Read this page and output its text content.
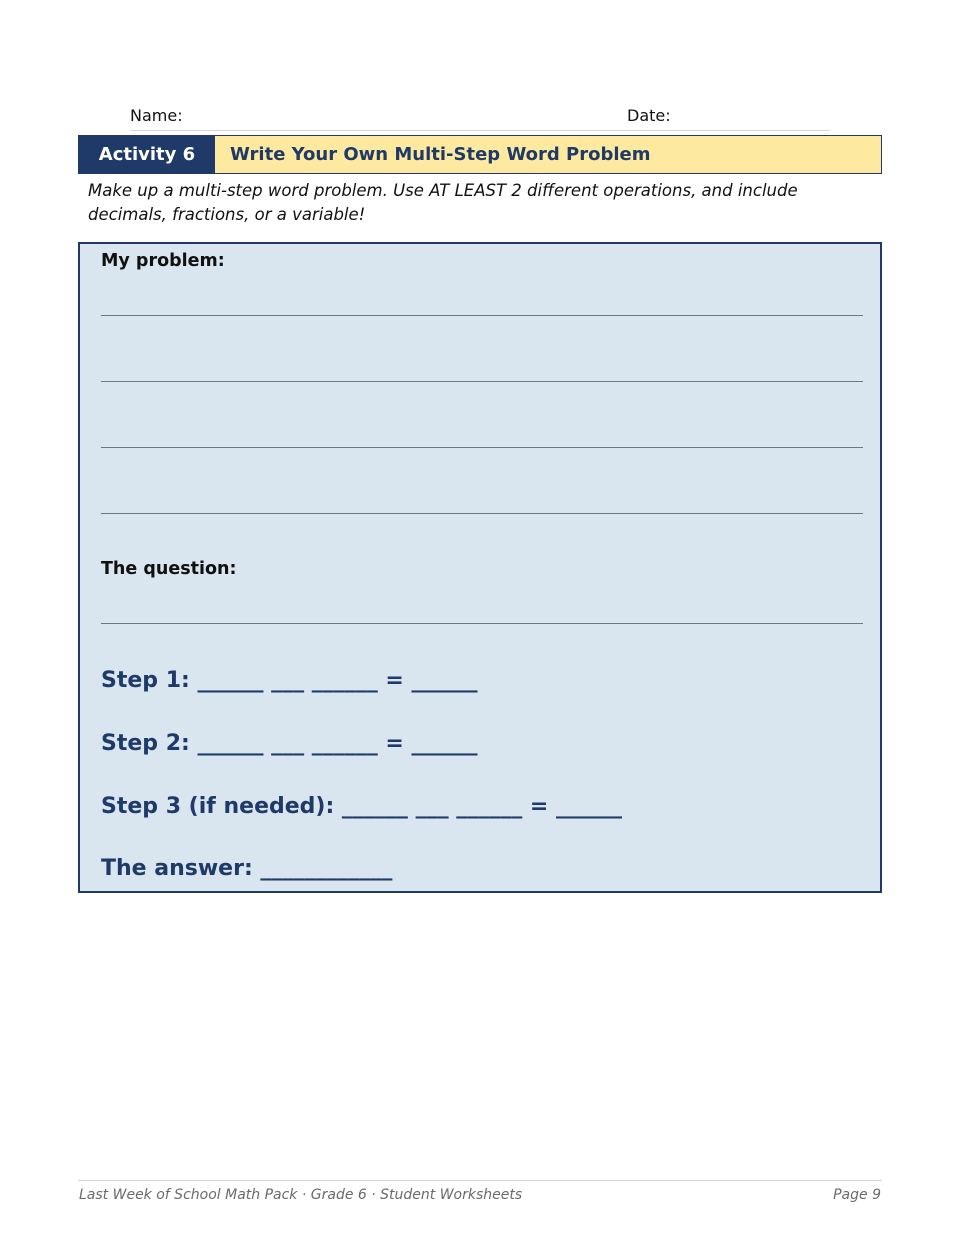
Name:	Date:
Activity 6	Write Your Own Multi-Step Word Problem
Make up a multi-step word problem. Use AT LEAST 2 different operations, and include decimals, fractions, or a variable!
My problem:
The question:
Step 1: ______ ___ ______ = ______
Step 2: ______ ___ ______ = ______
Step 3 (if needed): ______ ___ ______ = ______
The answer: ____________
Last Week of School Math Pack · Grade 6 · Student Worksheets	Page 9
